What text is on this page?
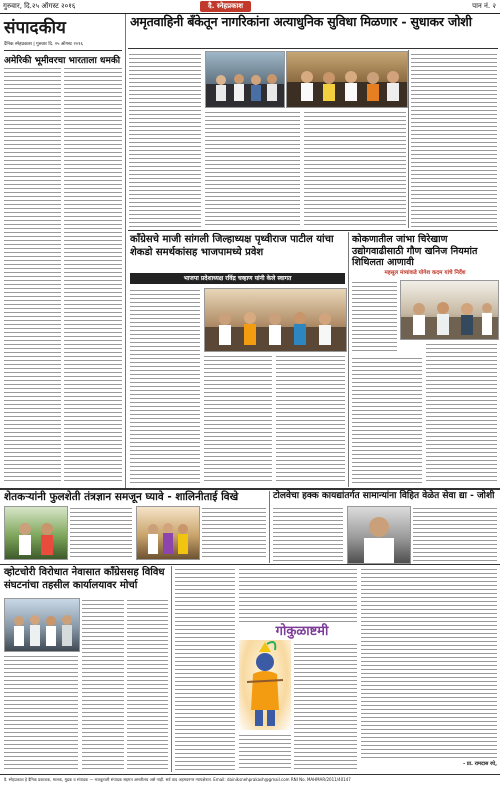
गुरुवार, दि.२५ ऑगस्ट २०१६	दै. स्नेहप्रकाश	पान नं. २
संपादकीय
दैनिक स्नेहप्रकाश | गुरुवार दि. २५ ऑगस्ट २०१६
अमेरिकी भूमीवरचा भारताला धमकी
अमृतवाहिनी बँकेतून नागरिकांना अत्याधुनिक सुविधा मिळणार - सुधाकर जोशी
काँग्रेसचे माजी सांगली जिल्हाध्यक्ष पृथ्वीराज पाटील यांचा शेकडो समर्थकांसह भाजपामध्ये प्रवेश
भाजपा प्रदेशाध्यक्ष रविंद्र चव्हाण यांनी केले स्वागत
कोकणातील जांभा चिरेखाण उद्योगवाढीसाठी गौण खनिज नियमांत शिथिलता आणावी
महसूल मंत्र्यांकडे योगेश कदम यांचे निर्देश
शेतकऱ्यांनी फुलशेती तंत्रज्ञान समजून घ्यावे - शालिनीताई विखे	टोलवेचा हक्क कायद्यांतर्गत सामान्यांना विहित वेळेत सेवा द्या - जोशी
व्होटचोरी विरोधात नेवासात काँग्रेससह विविध संघटनांचा तहसील कार्यालयावर मोर्चा
गोकुळाष्टमी
- प्रा. रामदास रघे,
दै. स्नेहप्रकाश हे दैनिक प्रकाशक, मालक, मुद्रक व संपादक — मजकूराशी संपादक सहमत असतीलच असे नाही. सर्व वाद अहमदनगर न्यायक्षेत्रात. Email: dainiksnehprakash@gmail.com RNI No. MAHMAR/2011/40147
